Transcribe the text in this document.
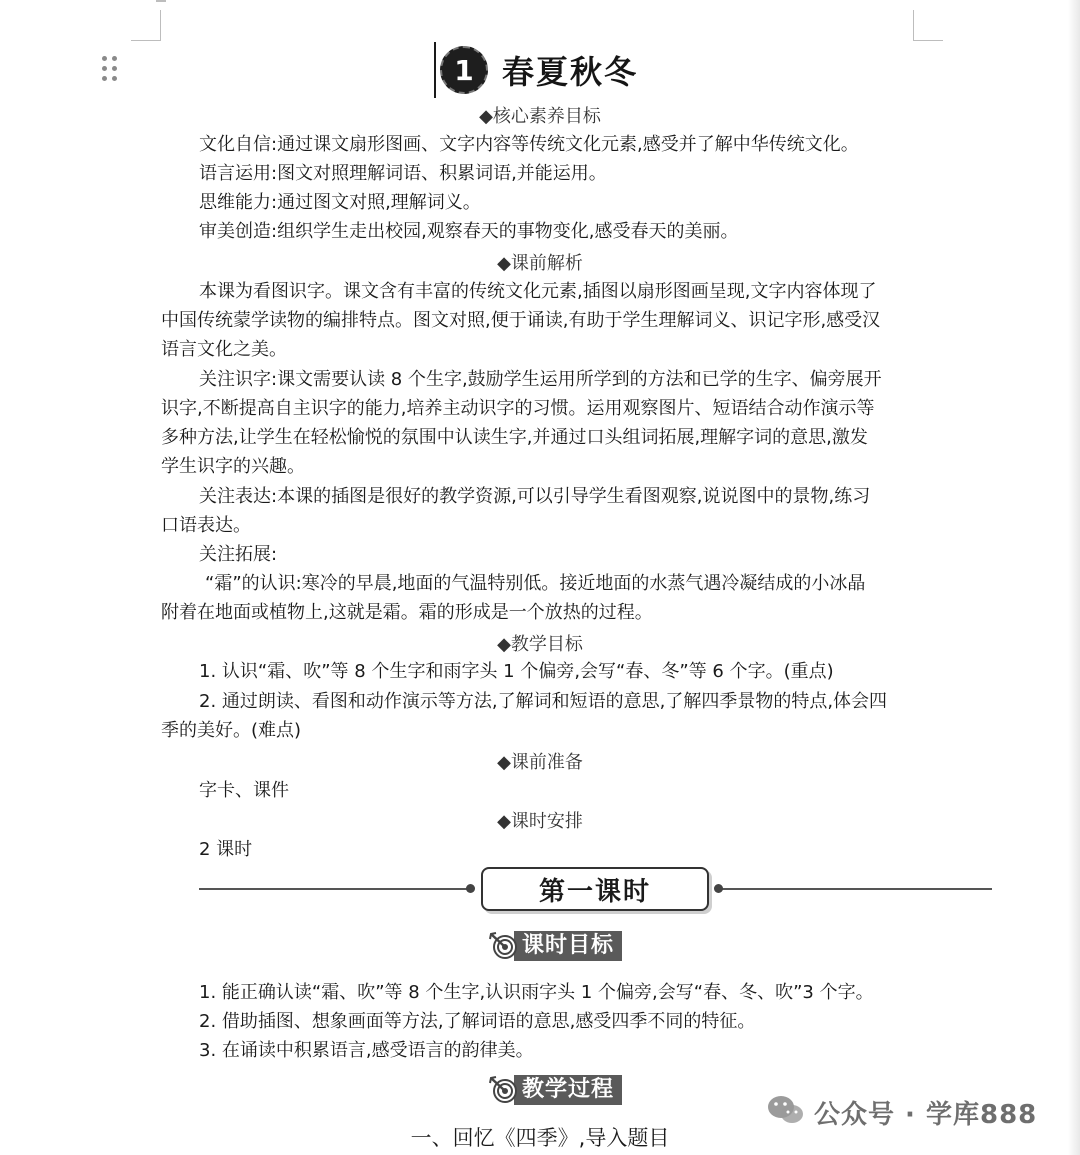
1 春夏秋冬
◆核心素养目标
文化自信:通过课文扇形图画、文字内容等传统文化元素,感受并了解中华传统文化。
语言运用:图文对照理解词语、积累词语,并能运用。
思维能力:通过图文对照,理解词义。
审美创造:组织学生走出校园,观察春天的事物变化,感受春天的美丽。
◆课前解析
本课为看图识字。课文含有丰富的传统文化元素,插图以扇形图画呈现,文字内容体现了
中国传统蒙学读物的编排特点。图文对照,便于诵读,有助于学生理解词义、识记字形,感受汉
语言文化之美。
关注识字:课文需要认读 8 个生字,鼓励学生运用所学到的方法和已学的生字、偏旁展开
识字,不断提高自主识字的能力,培养主动识字的习惯。运用观察图片、短语结合动作演示等
多种方法,让学生在轻松愉悦的氛围中认读生字,并通过口头组词拓展,理解字词的意思,激发
学生识字的兴趣。
关注表达:本课的插图是很好的教学资源,可以引导学生看图观察,说说图中的景物,练习
口语表达。
关注拓展:
“霜”的认识:寒冷的早晨,地面的气温特别低。接近地面的水蒸气遇冷凝结成的小冰晶
附着在地面或植物上,这就是霜。霜的形成是一个放热的过程。
◆教学目标
1. 认识“霜、吹”等 8 个生字和雨字头 1 个偏旁,会写“春、冬”等 6 个字。(重点)
2. 通过朗读、看图和动作演示等方法,了解词和短语的意思,了解四季景物的特点,体会四
季的美好。(难点)
◆课前准备
字卡、课件
◆课时安排
2 课时
第一课时
课时目标
1. 能正确认读“霜、吹”等 8 个生字,认识雨字头 1 个偏旁,会写“春、冬、吹”3 个字。
2. 借助插图、想象画面等方法,了解词语的意思,感受四季不同的特征。
3. 在诵读中积累语言,感受语言的韵律美。
教学过程
一、回忆《四季》,导入题目
公众号 · 学库888
